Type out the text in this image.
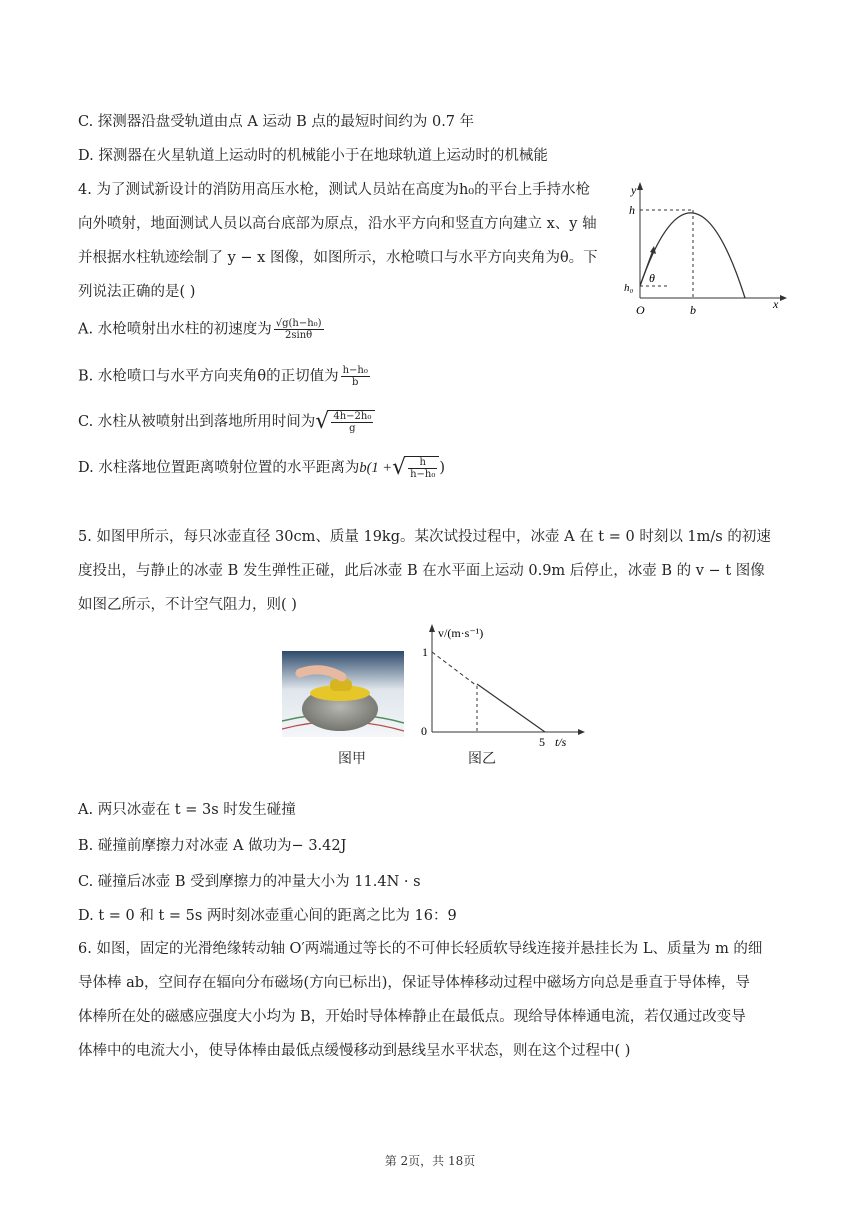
C. 探测器沿盘受轨道由点 A 运动 B 点的最短时间约为 0.7 年
D. 探测器在火星轨道上运动时的机械能小于在地球轨道上运动时的机械能
4. 为了测试新设计的消防用高压水枪，测试人员站在高度为h₀的平台上手持水枪
向外喷射，地面测试人员以高台底部为原点，沿水平方向和竖直方向建立 x、y 轴
并根据水柱轨迹绘制了 y − x 图像，如图所示，水枪喷口与水平方向夹角为θ。下
列说法正确的是( )
y
h
θ
h₀
O	b	x
A. 水枪喷射出水柱的初速度为 $\frac{\text{√g(h−h₀)}}{2\sin\theta}$
B. 水枪喷口与水平方向夹角θ的正切值为 $\frac{\text{h−h₀}}{b}$
C. 水柱从被喷射出到落地所用时间为√ $\frac{\text{4h−2h₀}}{g}$
D. 水柱落地位置距离喷射位置的水平距离为b(1 +√ $\frac{h}{\text{h−h₀}}$ )
5. 如图甲所示，每只冰壶直径 30cm、质量 19kg。某次试投过程中，冰壶 A 在 t = 0 时刻以 1m/s 的初速
度投出，与静止的冰壶 B 发生弹性正碰，此后冰壶 B 在水平面上运动 0.9m 后停止，冰壶 B 的 v − t 图像
如图乙所示，不计空气阻力，则( )
图甲
v/(m·s⁻¹)
1
0
5 t/s
图乙
A. 两只冰壶在 t = 3s 时发生碰撞
B. 碰撞前摩擦力对冰壶 A 做功为− 3.42J
C. 碰撞后冰壶 B 受到摩擦力的冲量大小为 11.4N · s
D. t = 0 和 t = 5s 两时刻冰壶重心间的距离之比为 16：9
6. 如图，固定的光滑绝缘转动轴 O′两端通过等长的不可伸长轻质软导线连接并悬挂长为 L、质量为 m 的细
导体棒 ab，空间存在辐向分布磁场(方向已标出)，保证导体棒移动过程中磁场方向总是垂直于导体棒，导
体棒所在处的磁感应强度大小均为 B，开始时导体棒静止在最低点。现给导体棒通电流，若仅通过改变导
体棒中的电流大小，使导体棒由最低点缓慢移动到悬线呈水平状态，则在这个过程中( )
第 2页，共 18页
